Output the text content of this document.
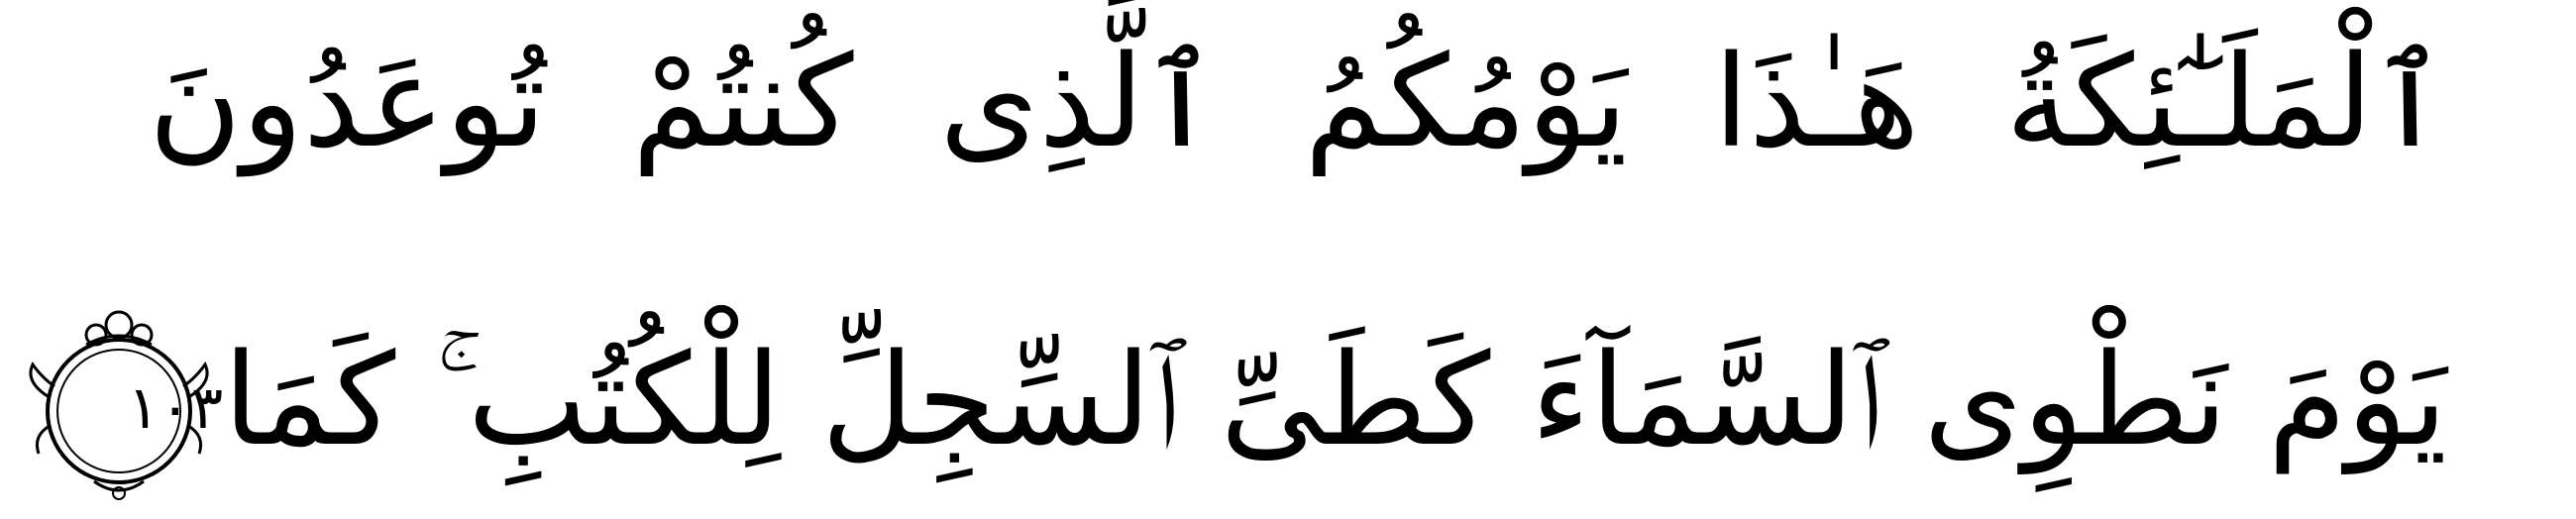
ٱلْمَلَـٰٓئِكَةُ هَـٰذَا يَوْمُكُمُ ٱلَّذِى كُنتُمْ تُوعَدُونَ
يَوْمَ نَطْوِى ٱلسَّمَآءَ كَطَىِّ ٱلسِّجِلِّ لِلْكُتُبِ ۚ كَمَا
١٠٣
